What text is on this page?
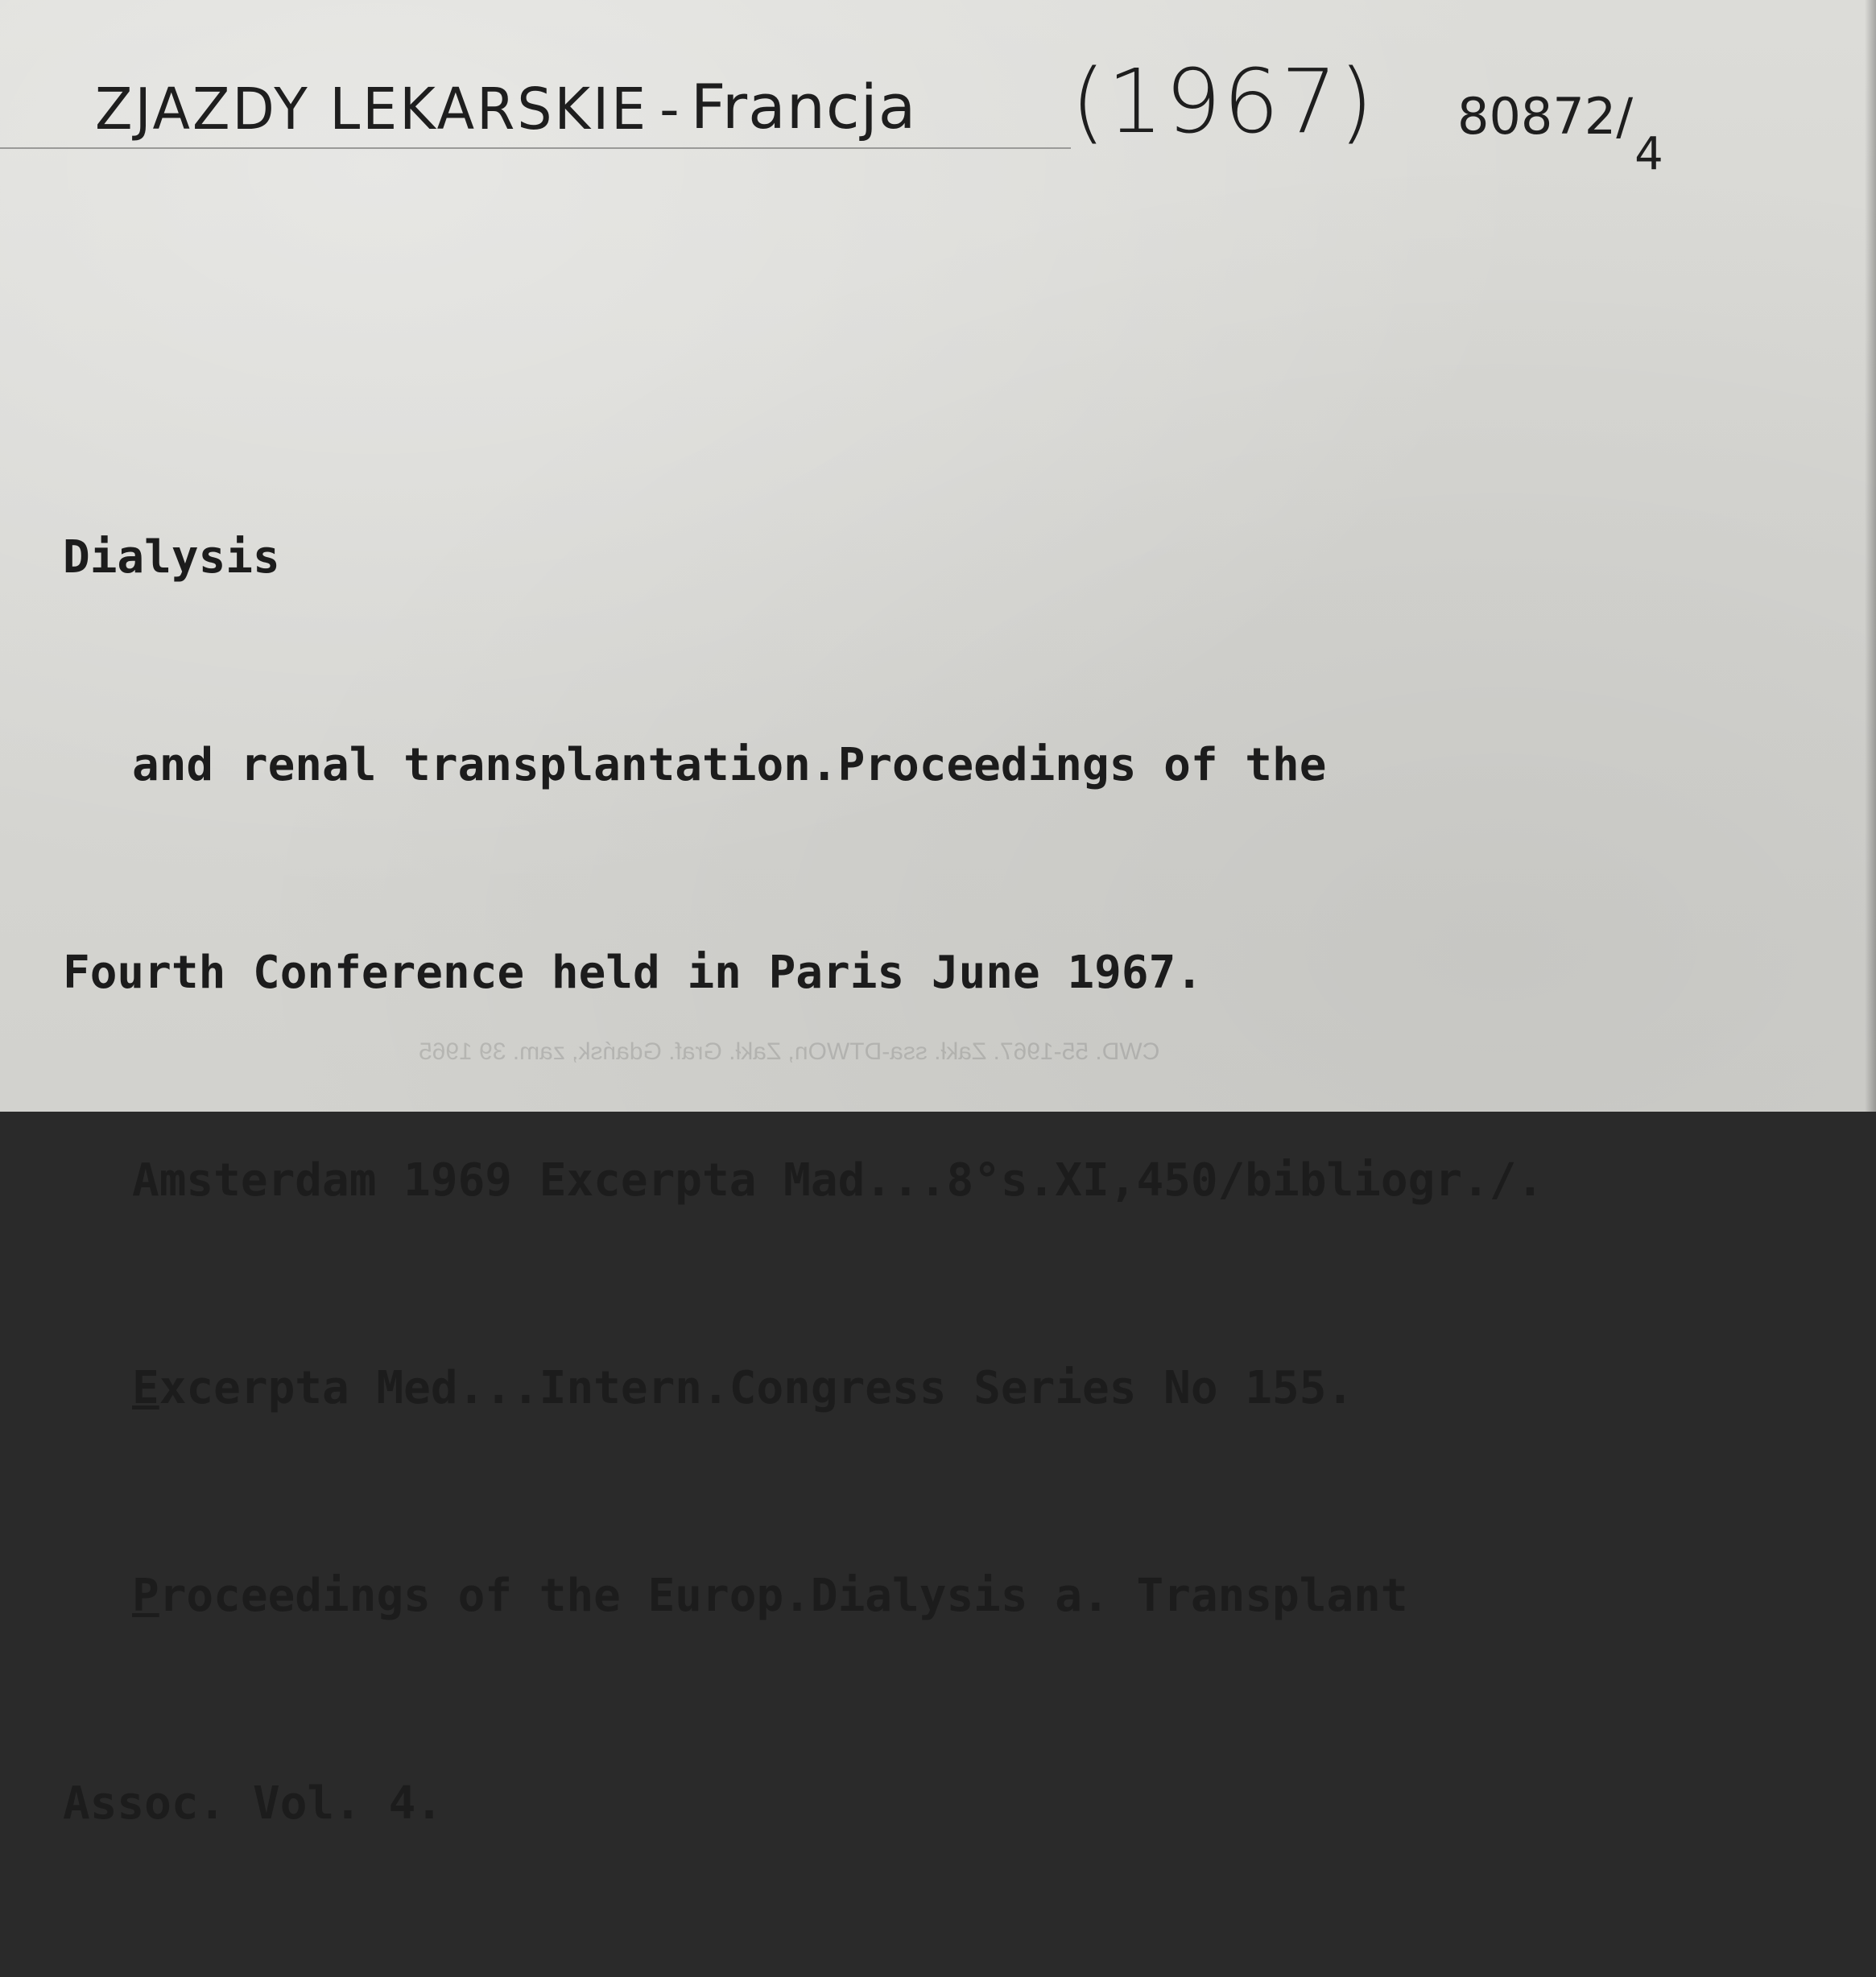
ZJAZDY LEKARSKIE - Francja (1967) 80872/4

Dialysis

and renal transplantation.Proceedings of the

Fourth Conference held in Paris June 1967.

Amsterdam 1969 Excerpta Mad...8°s.XI,450/bibliogr./.

Excerpta Med...Intern.Congress Series No 155.

Proceedings of the Europ.Dialysis a. Transplant

Assoc. Vol. 4.

CWD. 55-1967. Zakł. ssa-DTWOn, Zakł. Graf. Gdańsk, zam. 39 1965
